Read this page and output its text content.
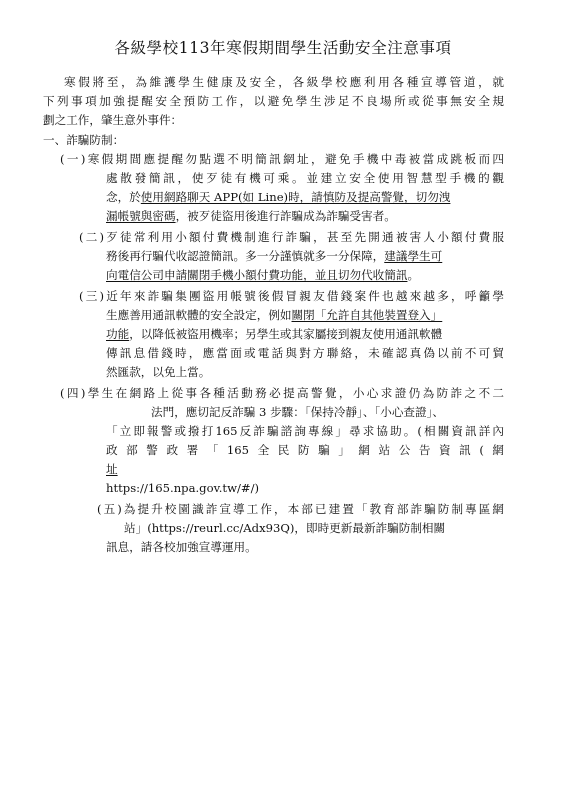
各級學校113年寒假期間學生活動安全注意事項
寒假將至，為維護學生健康及安全，各級學校應利用各種宣導管道，就
下列事項加強提醒安全預防工作，以避免學生涉足不良場所或從事無安全規
劃之工作，肇生意外事件：
一、詐騙防制：
(一)寒假期間應提醒勿點選不明簡訊網址，避免手機中毒被當成跳板而四
處散發簡訊，使歹徒有機可乘。並建立安全使用智慧型手機的觀
念，於使用網路聊天 APP(如 Line)時，請慎防及提高警覺，切勿洩
漏帳號與密碼，被歹徒盜用後進行詐騙成為詐騙受害者。
(二)歹徒常利用小額付費機制進行詐騙，甚至先開通被害人小額付費服
務後再行騙代收認證簡訊。多一分謹慎就多一分保障，建議學生可
向電信公司申請關閉手機小額付費功能，並且切勿代收簡訊。
(三)近年來詐騙集團盜用帳號後假冒親友借錢案件也越來越多，呼籲學
生應善用通訊軟體的安全設定，例如關閉「允許自其他裝置登入」
功能，以降低被盜用機率；另學生或其家屬接到親友使用通訊軟體
傳訊息借錢時，應當面或電話與對方聯絡，未確認真偽以前不可貿
然匯款，以免上當。
(四)學生在網路上從事各種活動務必提高警覺，小心求證仍為防詐之不二
法門，應切記反詐騙 3 步驟：「保持冷靜」、「小心查證」、
「立即報警或撥打165反詐騙諮詢專線」尋求協助。(相關資訊詳內
政部警政署「165全民防騙」網站公告資訊(網
址
https://165.npa.gov.tw/#/)
(五)為提升校園識詐宣導工作，本部已建置「教育部詐騙防制專區網
站」(https://reurl.cc/Adx93Q)，即時更新最新詐騙防制相關
訊息，請各校加強宣導運用。
